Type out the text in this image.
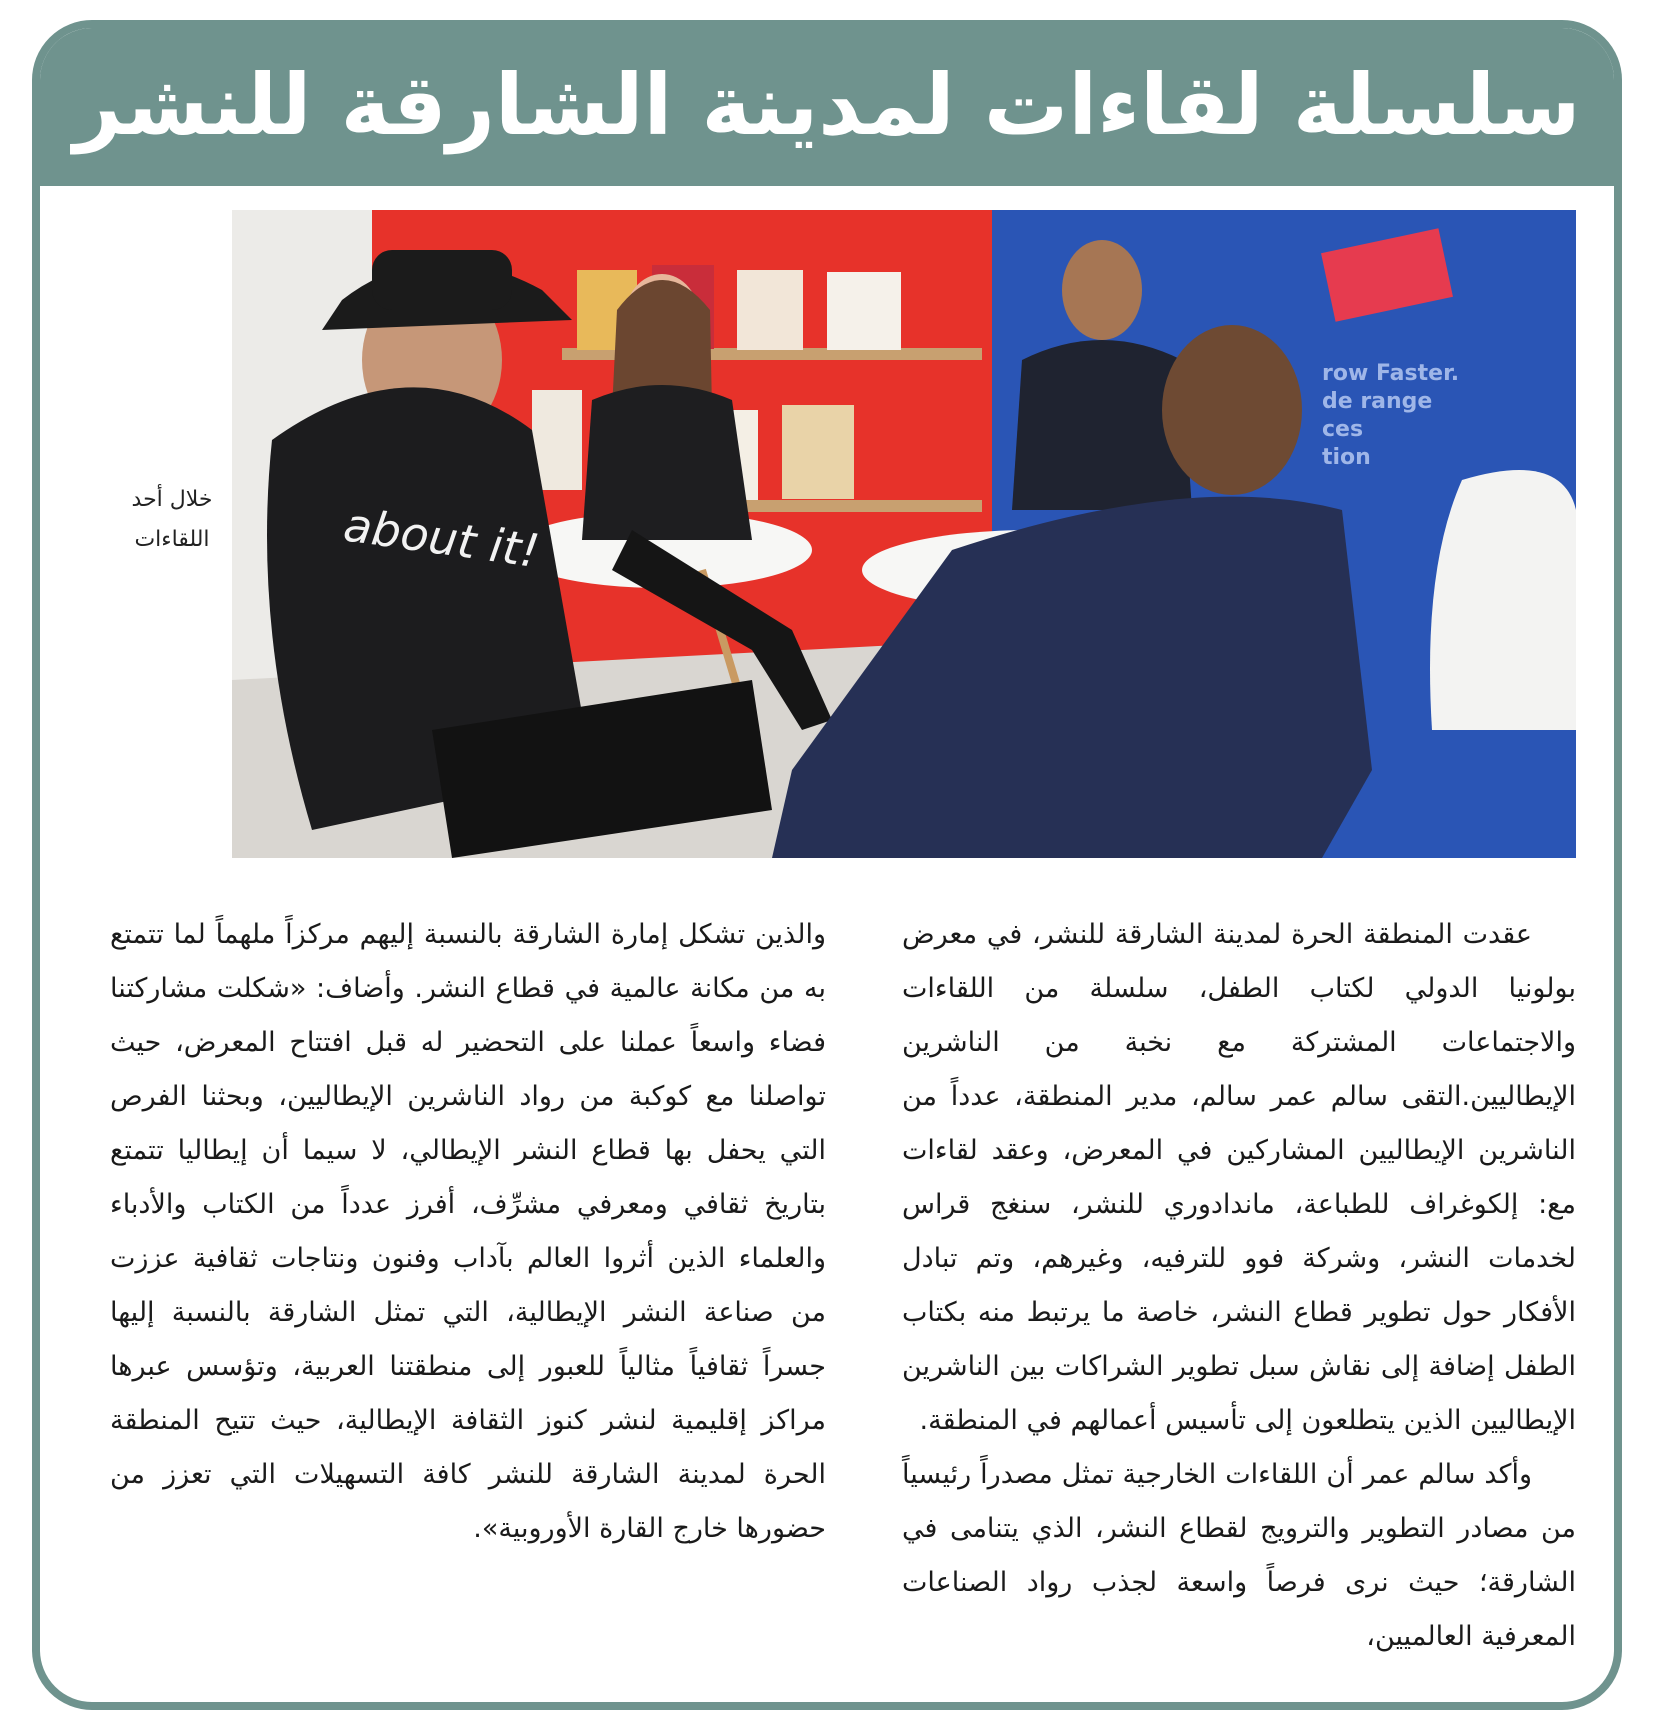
سلسلة لقاءات لمدينة الشارقة للنشر
about it!
row Faster.
de range
ces
tion
خلال أحد اللقاءات

عقدت المنطقة الحرة لمدينة الشارقة للنشر، في معرض بولونيا الدولي لكتاب الطفل، سلسلة من اللقاءات والاجتماعات المشتركة مع نخبة من الناشرين الإيطاليين.التقى سالم عمر سالم، مدير المنطقة، عدداً من الناشرين الإيطاليين المشاركين في المعرض، وعقد لقاءات مع: إلكوغراف للطباعة، ماندادوري للنشر، سنغج قراس لخدمات النشر، وشركة فوو للترفيه، وغيرهم، وتم تبادل الأفكار حول تطوير قطاع النشر، خاصة ما يرتبط منه بكتاب الطفل إضافة إلى نقاش سبل تطوير الشراكات بين الناشرين الإيطاليين الذين يتطلعون إلى تأسيس أعمالهم في المنطقة.

وأكد سالم عمر أن اللقاءات الخارجية تمثل مصدراً رئيسياً من مصادر التطوير والترويج لقطاع النشر، الذي يتنامى في الشارقة؛ حيث نرى فرصاً واسعة لجذب رواد الصناعات المعرفية العالميين،

والذين تشكل إمارة الشارقة بالنسبة إليهم مركزاً ملهماً لما تتمتع به من مكانة عالمية في قطاع النشر. وأضاف: «شكلت مشاركتنا فضاء واسعاً عملنا على التحضير له قبل افتتاح المعرض، حيث تواصلنا مع كوكبة من رواد الناشرين الإيطاليين، وبحثنا الفرص التي يحفل بها قطاع النشر الإيطالي، لا سيما أن إيطاليا تتمتع بتاريخ ثقافي ومعرفي مشرِّف، أفرز عدداً من الكتاب والأدباء والعلماء الذين أثروا العالم بآداب وفنون ونتاجات ثقافية عززت من صناعة النشر الإيطالية، التي تمثل الشارقة بالنسبة إليها جسراً ثقافياً مثالياً للعبور إلى منطقتنا العربية، وتؤسس عبرها مراكز إقليمية لنشر كنوز الثقافة الإيطالية، حيث تتيح المنطقة الحرة لمدينة الشارقة للنشر كافة التسهيلات التي تعزز من حضورها خارج القارة الأوروبية».
